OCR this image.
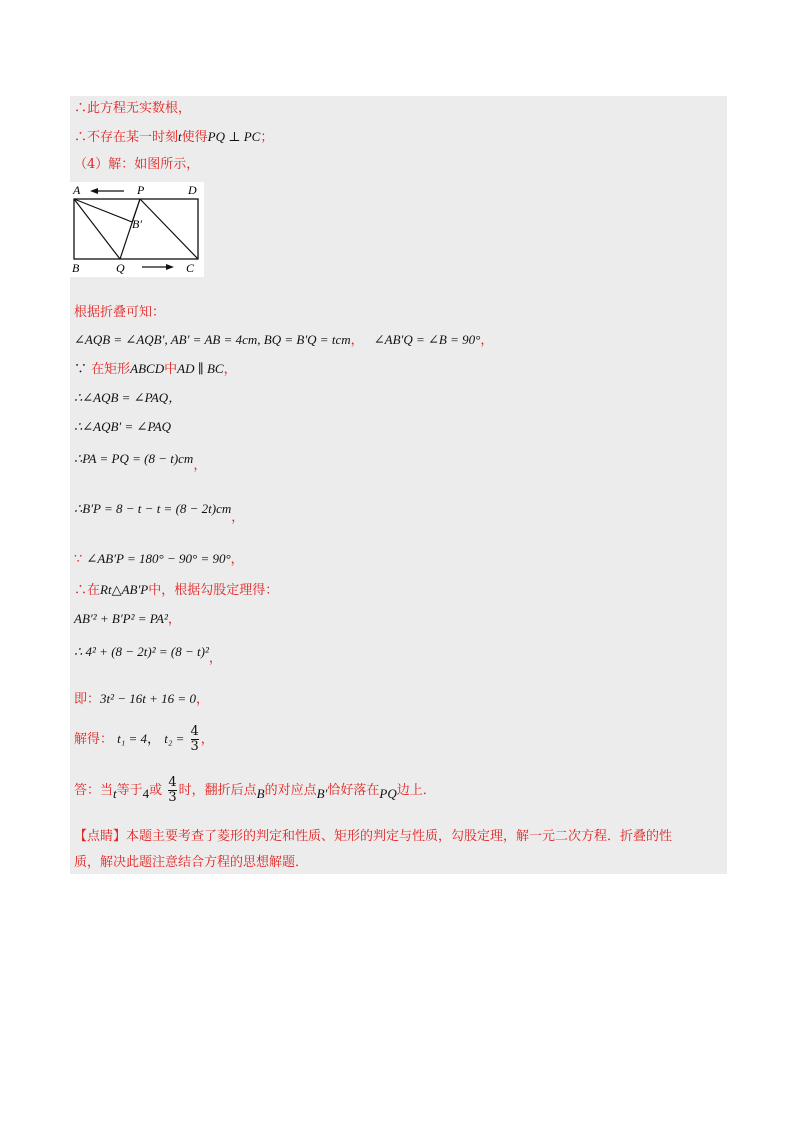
∴此方程无实数根，
∴不存在某一时刻t使得PQ ⊥ PC；
（4）解：如图所示，
A	P	D
B′
B	Q	C
根据折叠可知：
∠AQB = ∠AQB′, AB′ = AB = 4cm, BQ = B′Q = tcm， ∠AB′Q = ∠B = 90°，
∵ 在矩形ABCD中AD ∥ BC，
∴∠AQB = ∠PAQ，
∴∠AQB′ = ∠PAQ
∴PA = PQ = (8 − t)cm，
∴B′P = 8 − t − t = (8 − 2t)cm，
∵ ∠AB′P = 180° − 90° = 90°，
∴在Rt△AB′P中，根据勾股定理得：
AB′² + B′P² = PA²，
∴ 4² + (8 − 2t)² = (8 − t)²，
即：3t² − 16t + 16 = 0，
解得： t₁ = 4， $t_2 = \frac{4}{3}$ ，
答：当t等于4或 $\frac{4}{3}$ 时，翻折后点B的对应点B′恰好落在PQ边上．
【点睛】本题主要考查了菱形的判定和性质、矩形的判定与性质，勾股定理，解一元二次方程．折叠的性
质，解决此题注意结合方程的思想解题．
